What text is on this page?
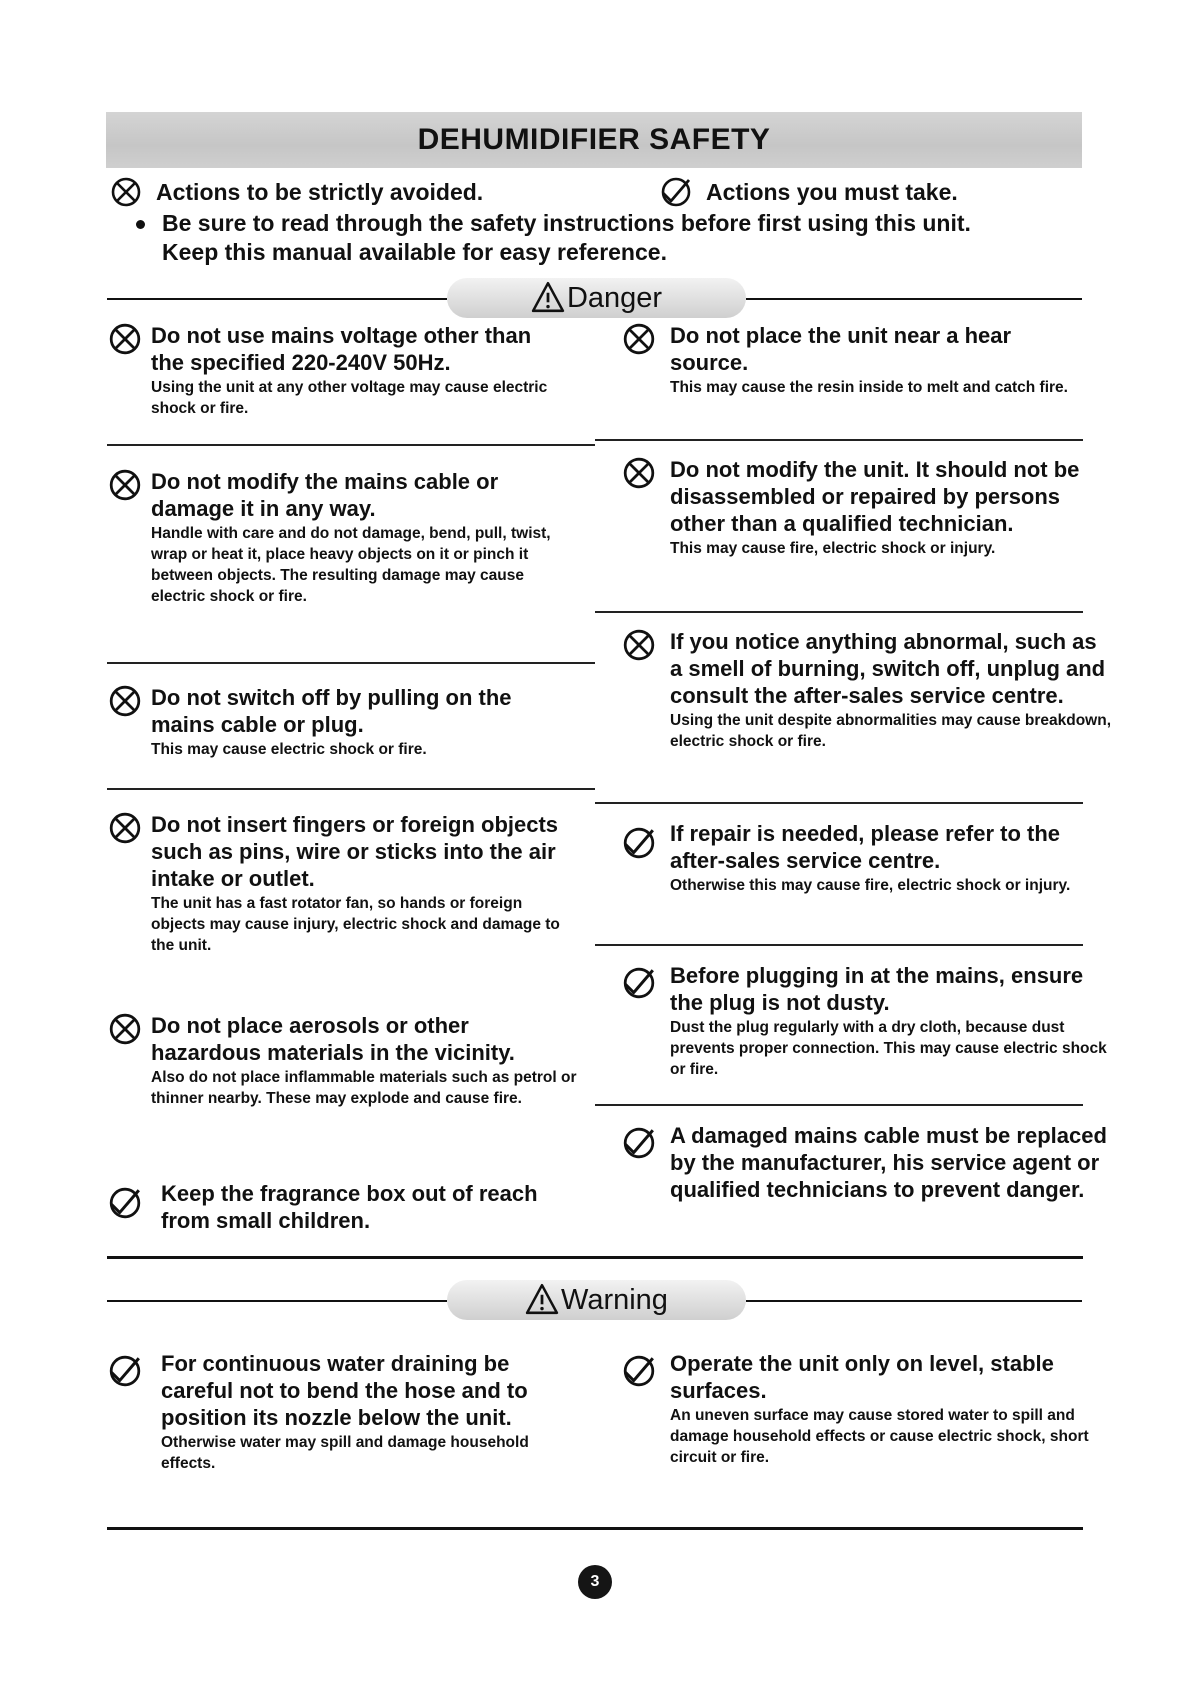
DEHUMIDIFIER SAFETY
Actions to be strictly avoided.	Actions you must take.
Be sure to read through the safety instructions before first using this unit.
Keep this manual available for easy reference.
Danger
Do not use mains voltage other than the specified 220-240V 50Hz.
Using the unit at any other voltage may cause electric shock or fire.
Do not modify the mains cable or damage it in any way.
Handle with care and do not damage, bend, pull, twist, wrap or heat it, place heavy objects on it or pinch it between objects. The resulting damage may cause electric shock or fire.
Do not switch off by pulling on the mains cable or plug.
This may cause electric shock or fire.
Do not insert fingers or foreign objects such as pins, wire or sticks into the air intake or outlet.
The unit has a fast rotator fan, so hands or foreign objects may cause injury, electric shock and damage to the unit.
Do not place aerosols or other hazardous materials in the vicinity.
Also do not place inflammable materials such as petrol or thinner nearby. These may explode and cause fire.
Keep the fragrance box out of reach from small children.
Do not place the unit near a hear source.
This may cause the resin inside to melt and catch fire.
Do not modify the unit. It should not be disassembled or repaired by persons other than a qualified technician.
This may cause fire, electric shock or injury.
If you notice anything abnormal, such as a smell of burning, switch off, unplug and consult the after-sales service centre.
Using the unit despite abnormalities may cause breakdown, electric shock or fire.
If repair is needed, please refer to the after-sales service centre.
Otherwise this may cause fire, electric shock or injury.
Before plugging in at the mains, ensure the plug is not dusty.
Dust the plug regularly with a dry cloth, because dust prevents proper connection. This may cause electric shock or fire.
A damaged mains cable must be replaced by the manufacturer, his service agent or qualified technicians to prevent danger.
Warning
For continuous water draining be careful not to bend the hose and to position its nozzle below the unit.
Otherwise water may spill and damage household effects.
Operate the unit only on level, stable surfaces.
An uneven surface may cause stored water to spill and damage household effects or cause electric shock, short circuit or fire.
3
